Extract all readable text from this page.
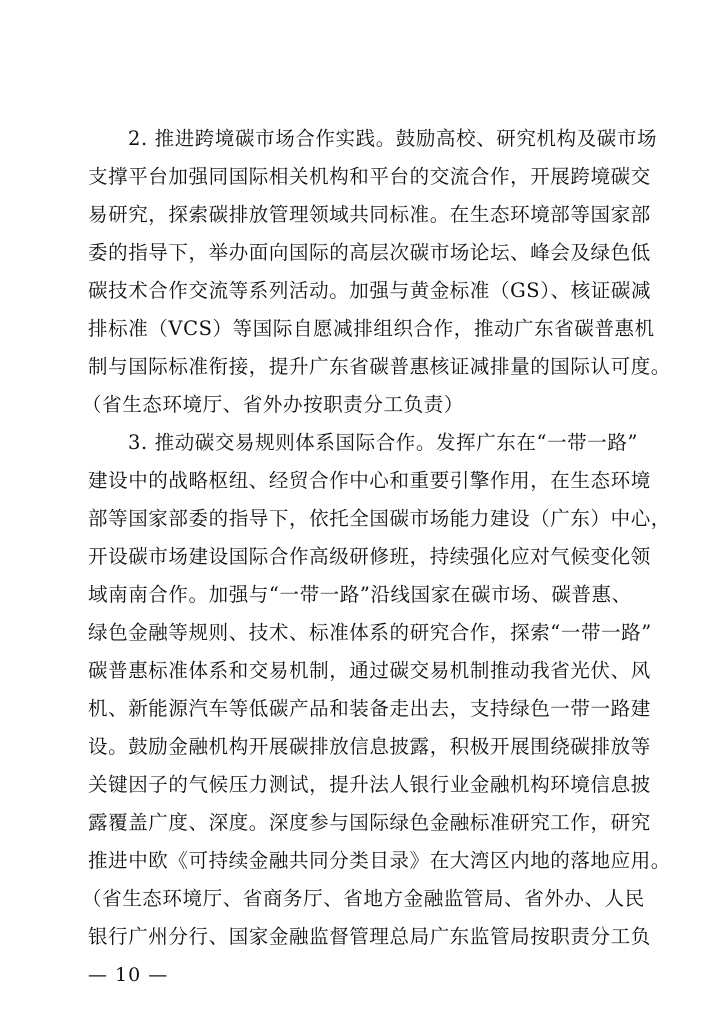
2. 推进跨境碳市场合作实践。鼓励高校、研究机构及碳市场
支撑平台加强同国际相关机构和平台的交流合作，开展跨境碳交
易研究，探索碳排放管理领域共同标准。在生态环境部等国家部
委的指导下，举办面向国际的高层次碳市场论坛、峰会及绿色低
碳技术合作交流等系列活动。加强与黄金标准（GS）、核证碳减
排标准（VCS）等国际自愿减排组织合作，推动广东省碳普惠机
制与国际标准衔接，提升广东省碳普惠核证减排量的国际认可度。
（省生态环境厅、省外办按职责分工负责）
3. 推动碳交易规则体系国际合作。发挥广东在“一带一路”
建设中的战略枢纽、经贸合作中心和重要引擎作用，在生态环境
部等国家部委的指导下，依托全国碳市场能力建设（广东）中心，
开设碳市场建设国际合作高级研修班，持续强化应对气候变化领
域南南合作。加强与“一带一路”沿线国家在碳市场、碳普惠、
绿色金融等规则、技术、标准体系的研究合作，探索“一带一路”
碳普惠标准体系和交易机制，通过碳交易机制推动我省光伏、风
机、新能源汽车等低碳产品和装备走出去，支持绿色一带一路建
设。鼓励金融机构开展碳排放信息披露，积极开展围绕碳排放等
关键因子的气候压力测试，提升法人银行业金融机构环境信息披
露覆盖广度、深度。深度参与国际绿色金融标准研究工作，研究
推进中欧《可持续金融共同分类目录》在大湾区内地的落地应用。
（省生态环境厅、省商务厅、省地方金融监管局、省外办、人民
银行广州分行、国家金融监督管理总局广东监管局按职责分工负
— 10 —
